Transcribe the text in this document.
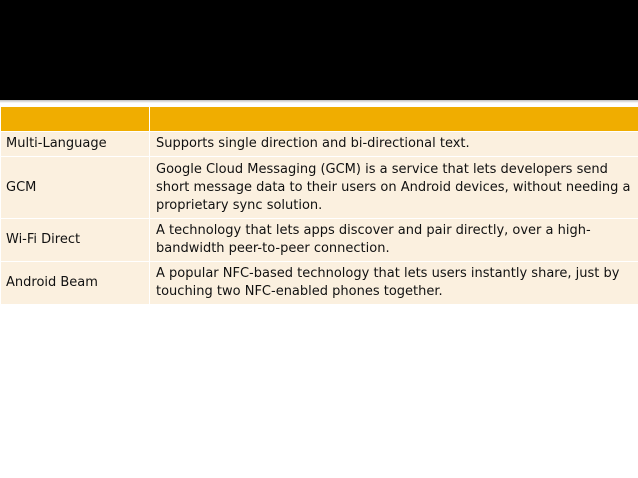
Multi-Language	Supports single direction and bi-directional text.
GCM	Google Cloud Messaging (GCM) is a service that lets developers send short message data to their users on Android devices, without needing a proprietary sync solution.
Wi-Fi Direct	A technology that lets apps discover and pair directly, over a high-bandwidth peer-to-peer connection.
Android Beam	A popular NFC-based technology that lets users instantly share, just by touching two NFC-enabled phones together.
